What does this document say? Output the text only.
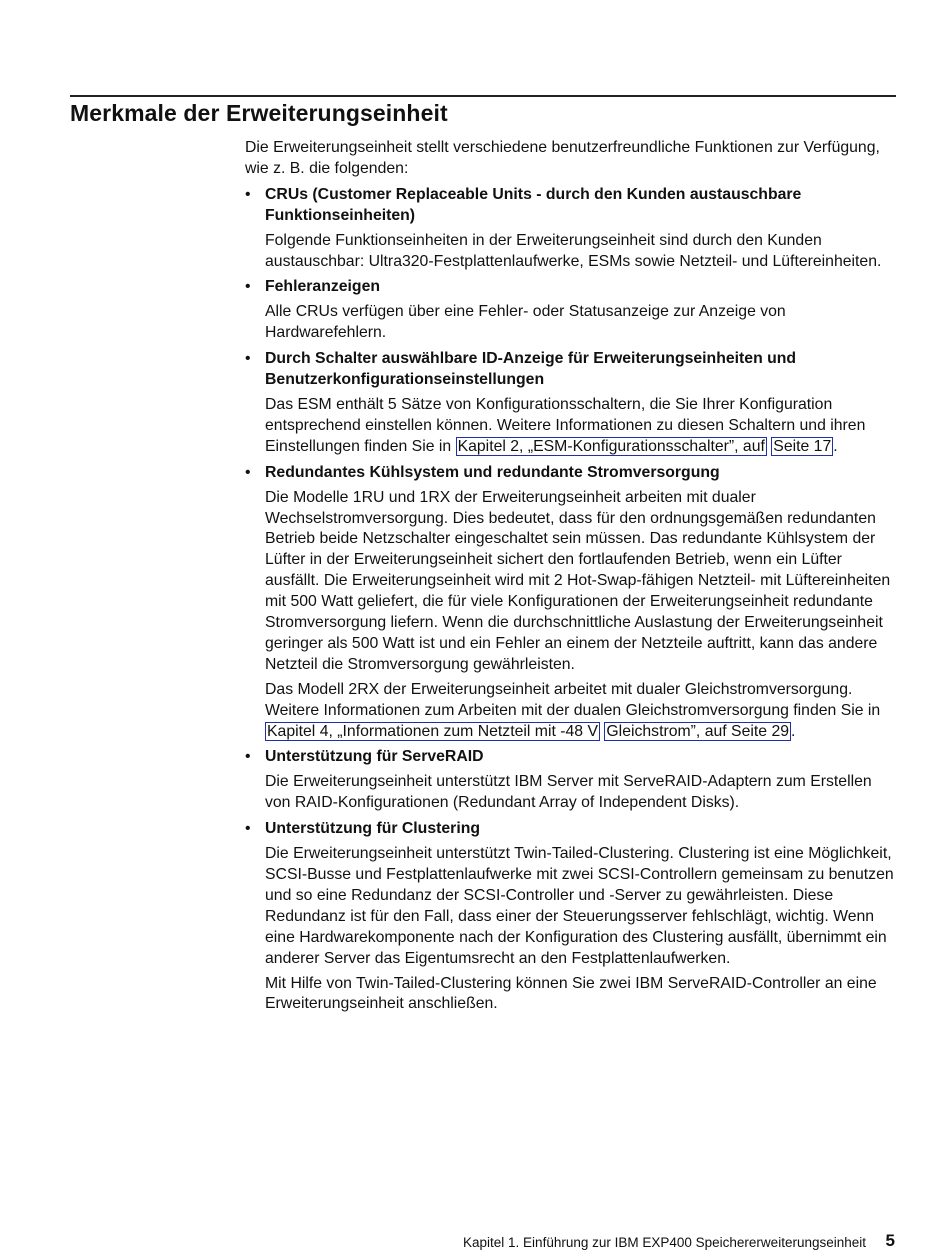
Merkmale der Erweiterungseinheit

Die Erweiterungseinheit stellt verschiedene benutzerfreundliche Funktionen zur Verfügung, wie z. B. die folgenden:

• CRUs (Customer Replaceable Units - durch den Kunden austauschbare Funktionseinheiten)

Folgende Funktionseinheiten in der Erweiterungseinheit sind durch den Kunden austauschbar: Ultra320-Festplattenlaufwerke, ESMs sowie Netzteil- und Lüftereinheiten.

• Fehleranzeigen

Alle CRUs verfügen über eine Fehler- oder Statusanzeige zur Anzeige von Hardwarefehlern.

• Durch Schalter auswählbare ID-Anzeige für Erweiterungseinheiten und Benutzerkonfigurationseinstellungen

Das ESM enthält 5 Sätze von Konfigurationsschaltern, die Sie Ihrer Konfiguration entsprechend einstellen können. Weitere Informationen zu diesen Schaltern und ihren Einstellungen finden Sie in Kapitel 2, „ESM-Konfigurationsschalter”, auf Seite 17 .

• Redundantes Kühlsystem und redundante Stromversorgung

Die Modelle 1RU und 1RX der Erweiterungseinheit arbeiten mit dualer Wechselstromversorgung. Dies bedeutet, dass für den ordnungsgemäßen redundanten Betrieb beide Netzschalter eingeschaltet sein müssen. Das redundante Kühlsystem der Lüfter in der Erweiterungseinheit sichert den fortlaufenden Betrieb, wenn ein Lüfter ausfällt. Die Erweiterungseinheit wird mit 2 Hot-Swap-fähigen Netzteil- mit Lüftereinheiten mit 500 Watt geliefert, die für viele Konfigurationen der Erweiterungseinheit redundante Stromversorgung liefern. Wenn die durchschnittliche Auslastung der Erweiterungseinheit geringer als 500 Watt ist und ein Fehler an einem der Netzteile auftritt, kann das andere Netzteil die Stromversorgung gewährleisten.

Das Modell 2RX der Erweiterungseinheit arbeitet mit dualer Gleichstromversorgung. Weitere Informationen zum Arbeiten mit der dualen Gleichstromversorgung finden Sie in Kapitel 4, „Informationen zum Netzteil mit -48 V Gleichstrom”, auf Seite 29 .

• Unterstützung für ServeRAID

Die Erweiterungseinheit unterstützt IBM Server mit ServeRAID-Adaptern zum Erstellen von RAID-Konfigurationen (Redundant Array of Independent Disks).

• Unterstützung für Clustering

Die Erweiterungseinheit unterstützt Twin-Tailed-Clustering. Clustering ist eine Möglichkeit, SCSI-Busse und Festplattenlaufwerke mit zwei SCSI-Controllern gemeinsam zu benutzen und so eine Redundanz der SCSI-Controller und -Server zu gewährleisten. Diese Redundanz ist für den Fall, dass einer der Steuerungsserver fehlschlägt, wichtig. Wenn eine Hardwarekomponente nach der Konfiguration des Clustering ausfällt, übernimmt ein anderer Server das Eigentumsrecht an den Festplattenlaufwerken.

Mit Hilfe von Twin-Tailed-Clustering können Sie zwei IBM ServeRAID-Controller an eine Erweiterungseinheit anschließen.

Kapitel 1. Einführung zur IBM EXP400 Speichererweiterungseinheit 5
